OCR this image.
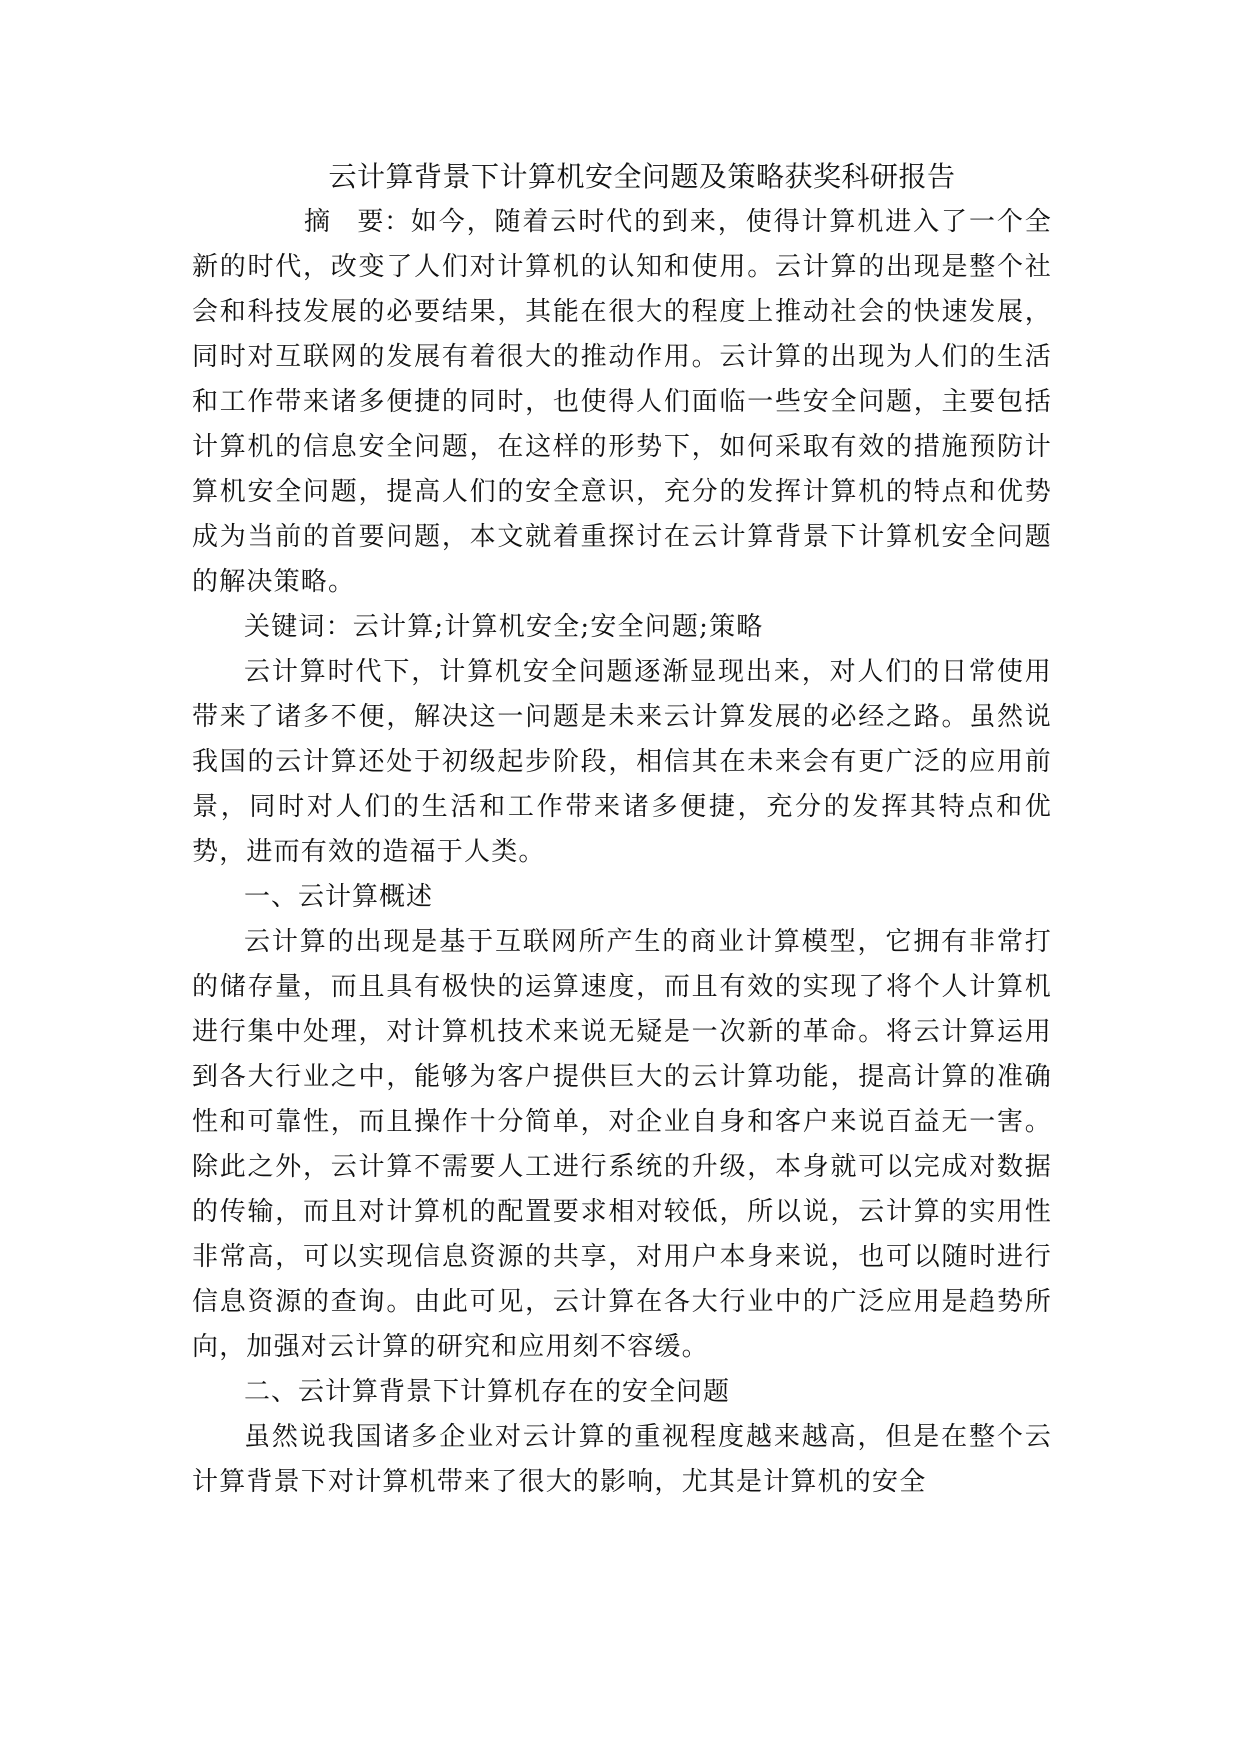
云计算背景下计算机安全问题及策略获奖科研报告

摘　要：如今，随着云时代的到来，使得计算机进入了一个全新的时代，改变了人们对计算机的认知和使用。云计算的出现是整个社会和科技发展的必要结果，其能在很大的程度上推动社会的快速发展，同时对互联网的发展有着很大的推动作用。云计算的出现为人们的生活和工作带来诸多便捷的同时，也使得人们面临一些安全问题，主要包括计算机的信息安全问题，在这样的形势下，如何采取有效的措施预防计算机安全问题，提高人们的安全意识，充分的发挥计算机的特点和优势成为当前的首要问题，本文就着重探讨在云计算背景下计算机安全问题的解决策略。

关键词：云计算;计算机安全;安全问题;策略

云计算时代下，计算机安全问题逐渐显现出来，对人们的日常使用带来了诸多不便，解决这一问题是未来云计算发展的必经之路。虽然说我国的云计算还处于初级起步阶段，相信其在未来会有更广泛的应用前景，同时对人们的生活和工作带来诸多便捷，充分的发挥其特点和优势，进而有效的造福于人类。

一、云计算概述

云计算的出现是基于互联网所产生的商业计算模型，它拥有非常打的储存量，而且具有极快的运算速度，而且有效的实现了将个人计算机进行集中处理，对计算机技术来说无疑是一次新的革命。将云计算运用到各大行业之中，能够为客户提供巨大的云计算功能，提高计算的准确性和可靠性，而且操作十分简单，对企业自身和客户来说百益无一害。除此之外，云计算不需要人工进行系统的升级，本身就可以完成对数据的传输，而且对计算机的配置要求相对较低，所以说，云计算的实用性非常高，可以实现信息资源的共享，对用户本身来说，也可以随时进行信息资源的查询。由此可见，云计算在各大行业中的广泛应用是趋势所向，加强对云计算的研究和应用刻不容缓。

二、云计算背景下计算机存在的安全问题

虽然说我国诸多企业对云计算的重视程度越来越高，但是在整个云计算背景下对计算机带来了很大的影响，尤其是计算机的安全
